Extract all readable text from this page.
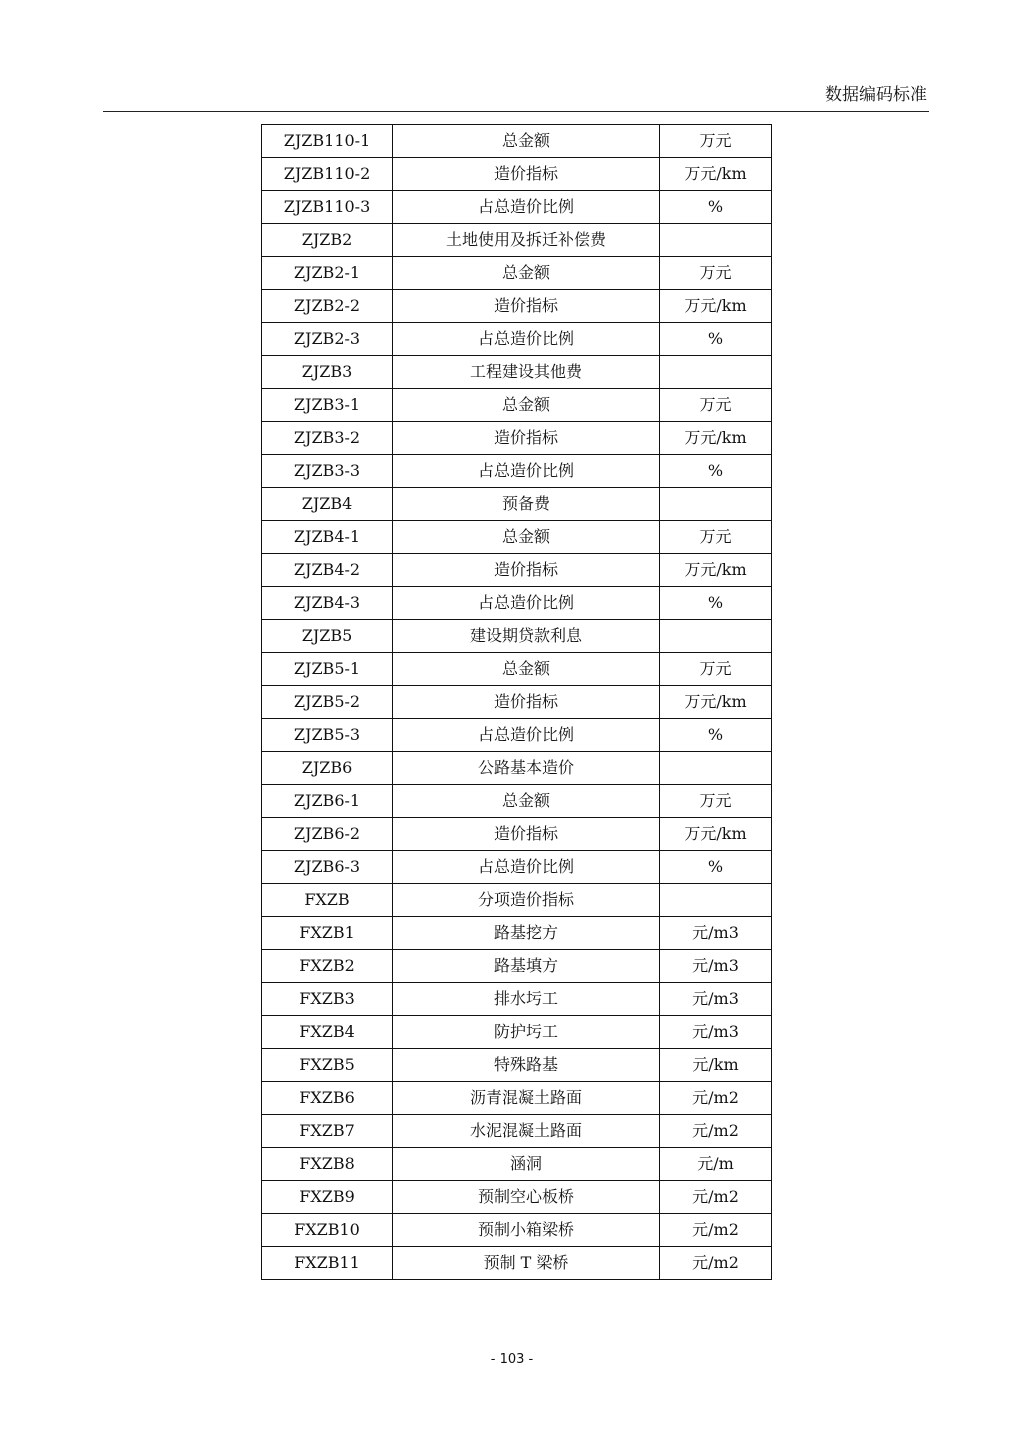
数据编码标准
ZJZB110-1	总金额	万元
ZJZB110-2	造价指标	万元/km
ZJZB110-3	占总造价比例	%
ZJZB2	土地使用及拆迁补偿费	
ZJZB2-1	总金额	万元
ZJZB2-2	造价指标	万元/km
ZJZB2-3	占总造价比例	%
ZJZB3	工程建设其他费	
ZJZB3-1	总金额	万元
ZJZB3-2	造价指标	万元/km
ZJZB3-3	占总造价比例	%
ZJZB4	预备费	
ZJZB4-1	总金额	万元
ZJZB4-2	造价指标	万元/km
ZJZB4-3	占总造价比例	%
ZJZB5	建设期贷款利息	
ZJZB5-1	总金额	万元
ZJZB5-2	造价指标	万元/km
ZJZB5-3	占总造价比例	%
ZJZB6	公路基本造价	
ZJZB6-1	总金额	万元
ZJZB6-2	造价指标	万元/km
ZJZB6-3	占总造价比例	%
FXZB	分项造价指标	
FXZB1	路基挖方	元/m3
FXZB2	路基填方	元/m3
FXZB3	排水圬工	元/m3
FXZB4	防护圬工	元/m3
FXZB5	特殊路基	元/km
FXZB6	沥青混凝土路面	元/m2
FXZB7	水泥混凝土路面	元/m2
FXZB8	涵洞	元/m
FXZB9	预制空心板桥	元/m2
FXZB10	预制小箱梁桥	元/m2
FXZB11	预制 T 梁桥	元/m2
- 103 -
